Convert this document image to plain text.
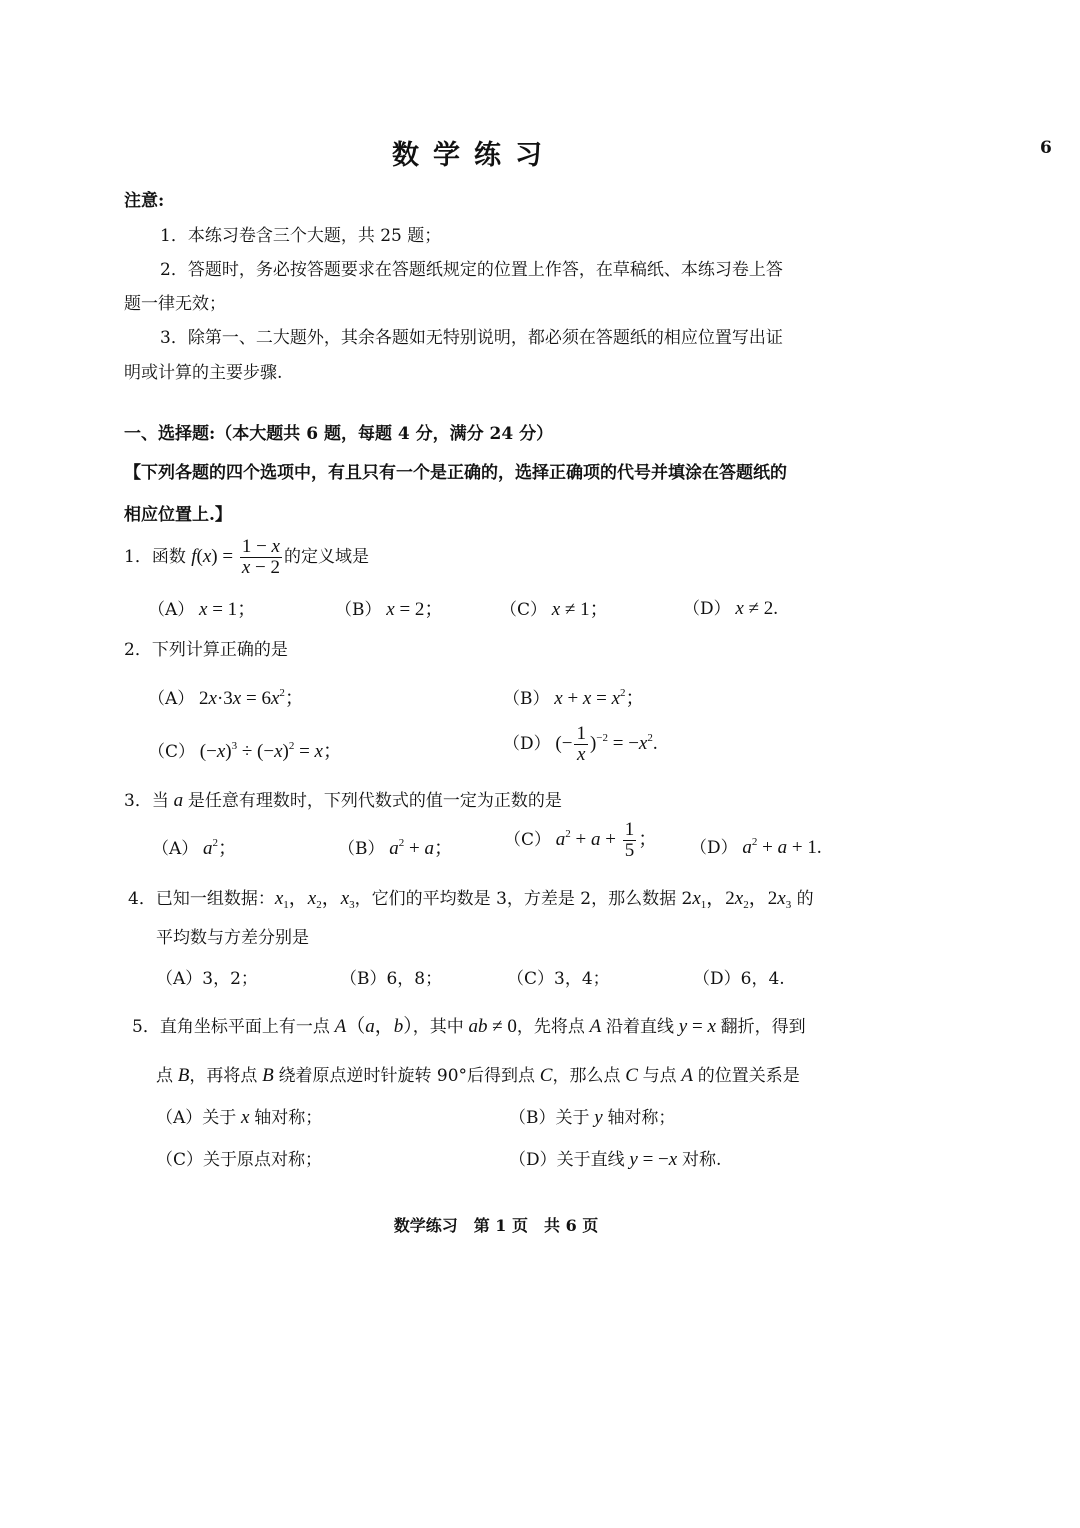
数学练习	6
注意:
1．本练习卷含三个大题，共 25 题；
2．答题时，务必按答题要求在答题纸规定的位置上作答，在草稿纸、本练习卷上答
题一律无效；
3．除第一、二大题外，其余各题如无特别说明，都必须在答题纸的相应位置写出证
明或计算的主要步骤.
一、选择题:（本大题共 6 题，每题 4 分，满分 24 分）
【下列各题的四个选项中，有且只有一个是正确的，选择正确项的代号并填涂在答题纸的
相应位置上.】
1．函数 $f(x) = \frac{1 - x}{x - 2}$ 的定义域是
（A） x = 1；	（B） x = 2；	（C） x ≠ 1；	（D） x ≠ 2.
2．下列计算正确的是
（A） $2x\cdot 3x = 6x^2$；	（B） $x + x = x^2$；
（C） $(-x)^3 \div (-x)^2 = x$；	（D） (− $\frac{1}{x} )^{-2} = -x^2$.
3．当 a 是任意有理数时，下列代数式的值一定为正数的是
（A） $a^2$；	（B） $a^2 + a$；	（C） $a^2 + a + \frac{1}{5}$ ； （D） $a^2 + a + 1$.
4．已知一组数据：$x_1$，$x_2$，$x_3$，它们的平均数是 3，方差是 2，那么数据 $2x_1$，$2x_2$，$2x_3$ 的
平均数与方差分别是
（A）3，2；	（B）6，8；	（C）3，4；	（D）6，4.
5．直角坐标平面上有一点 A（a，b），其中 ab ≠ 0，先将点 A 沿着直线 y = x 翻折，得到
点 B，再将点 B 绕着原点逆时针旋转 90°后得到点 C，那么点 C 与点 A 的位置关系是
（A）关于 x 轴对称；	（B）关于 y 轴对称；
（C）关于原点对称；	（D）关于直线 y = −x 对称.
数学练习　第 1 页　共 6 页
